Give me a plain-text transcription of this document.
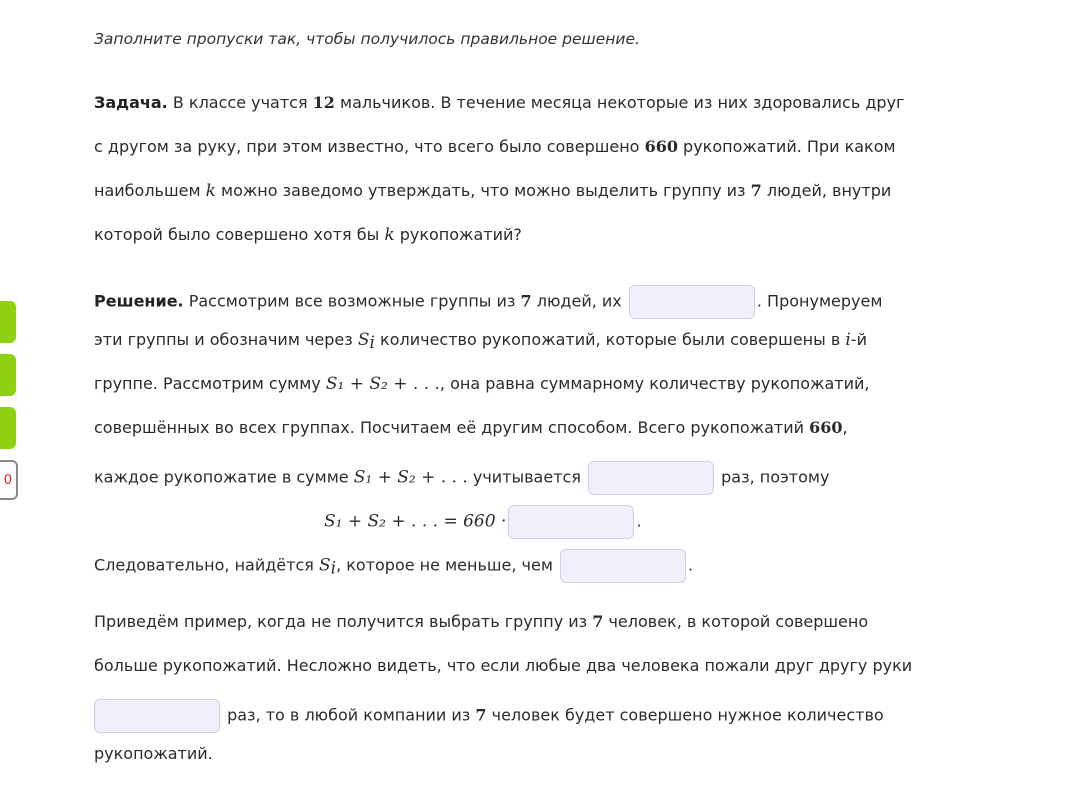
0
Заполните пропуски так, чтобы получилось правильное решение.
Задача. В классе учатся 12 мальчиков. В течение месяца некоторые из них здоровались друг
с другом за руку, при этом известно, что всего было совершено 660 рукопожатий. При каком
наибольшем k можно заведомо утверждать, что можно выделить группу из 7 людей, внутри
которой было совершено хотя бы k рукопожатий?
Решение. Рассмотрим все возможные группы из 7 людей, их	. Пронумеруем
эти группы и обозначим через $S_i$ количество рукопожатий, которые были совершены в i-й
группе. Рассмотрим сумму S₁ + S₂ + . . ., она равна суммарному количеству рукопожатий,
совершённых во всех группах. Посчитаем её другим способом. Всего рукопожатий 660,
каждое рукопожатие в сумме S₁ + S₂ + . . . учитывается	раз, поэтому
S₁ + S₂ + . . . = 660 ·	.
Следовательно, найдётся $S_i$, которое не меньше, чем	.
Приведём пример, когда не получится выбрать группу из 7 человек, в которой совершено
больше рукопожатий. Несложно видеть, что если любые два человека пожали друг другу руки
раз, то в любой компании из 7 человек будет совершено нужное количество
рукопожатий.
